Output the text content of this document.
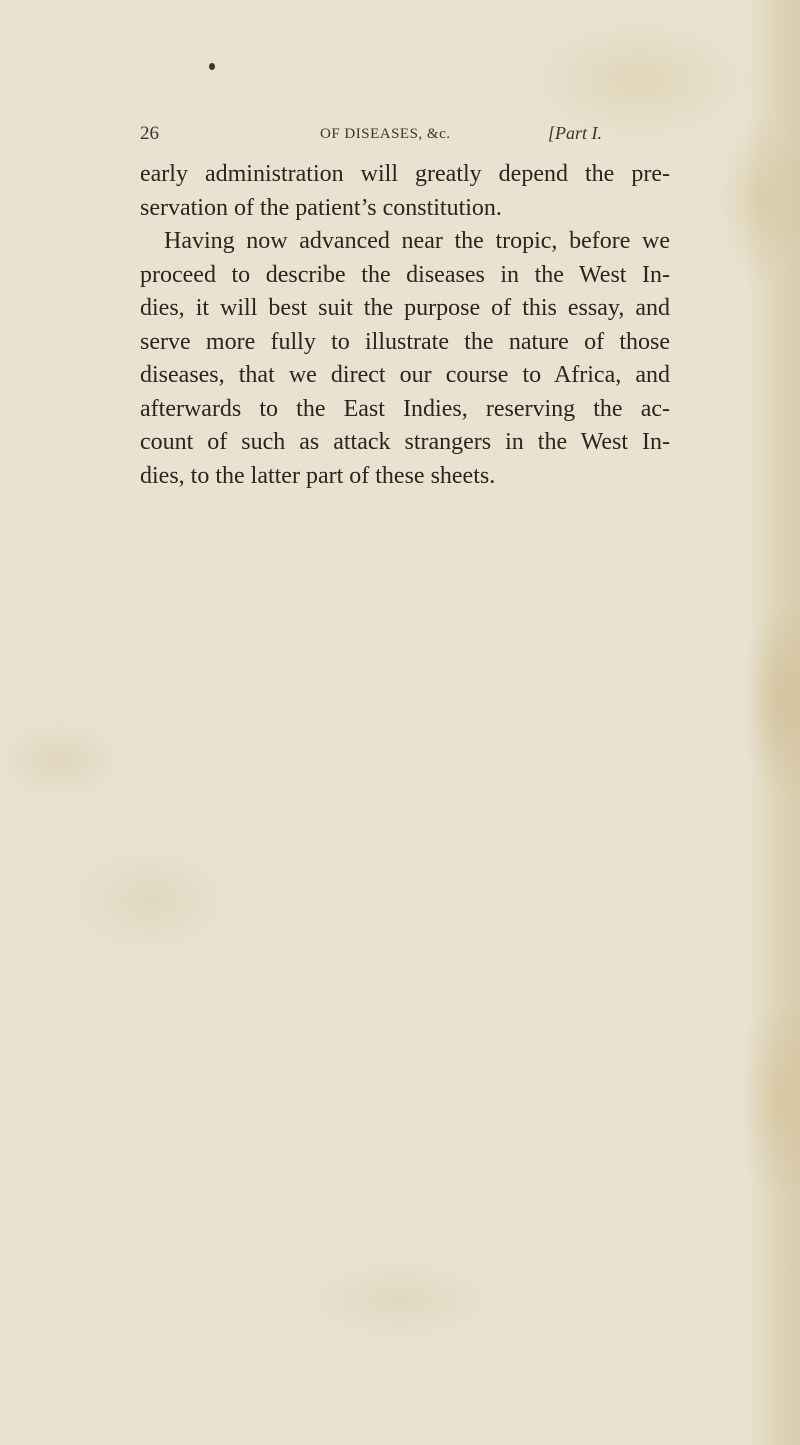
26	OF DISEASES, &c.	[Part I.
early administration will greatly depend the pre-
servation of the patient’s constitution.
Having now advanced near the tropic, before we
proceed to describe the diseases in the West In-
dies, it will best suit the purpose of this essay, and
serve more fully to illustrate the nature of those
diseases, that we direct our course to Africa, and
afterwards to the East Indies, reserving the ac-
count of such as attack strangers in the West In-
dies, to the latter part of these sheets.
